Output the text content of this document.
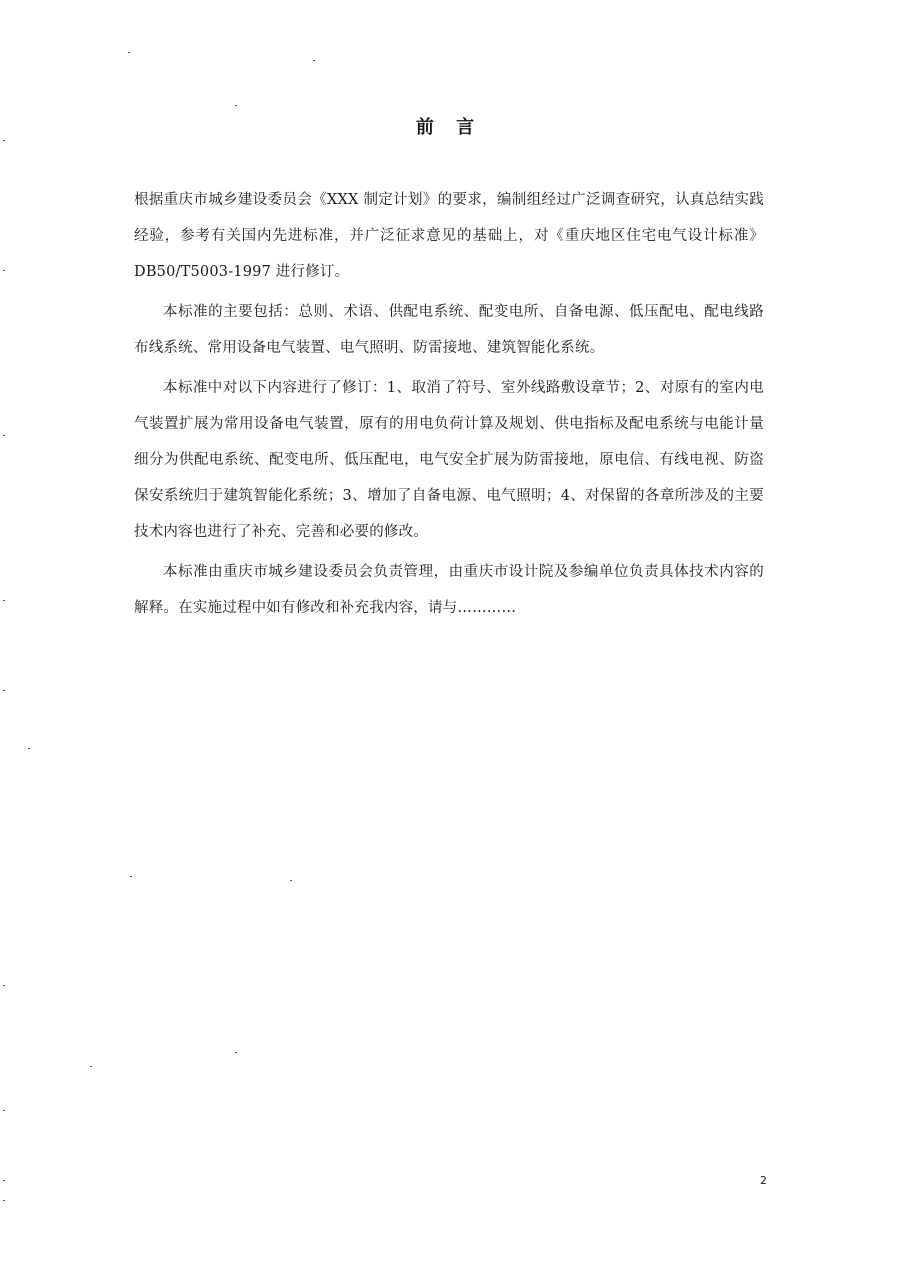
前 言

根据重庆市城乡建设委员会《XXX 制定计划》的要求，编制组经过广泛调查研究，认真总结实践经验，参考有关国内先进标准，并广泛征求意见的基础上，对《重庆地区住宅电气设计标准》DB50/T5003-1997 进行修订。

本标准的主要包括：总则、术语、供配电系统、配变电所、自备电源、低压配电、配电线路布线系统、常用设备电气装置、电气照明、防雷接地、建筑智能化系统。

本标准中对以下内容进行了修订：1、取消了符号、室外线路敷设章节；2、对原有的室内电气装置扩展为常用设备电气装置，原有的用电负荷计算及规划、供电指标及配电系统与电能计量细分为供配电系统、配变电所、低压配电，电气安全扩展为防雷接地，原电信、有线电视、防盗保安系统归于建筑智能化系统；3、增加了自备电源、电气照明；4、对保留的各章所涉及的主要技术内容也进行了补充、完善和必要的修改。

本标准由重庆市城乡建设委员会负责管理，由重庆市设计院及参编单位负责具体技术内容的解释。在实施过程中如有修改和补充我内容，请与…………

2
